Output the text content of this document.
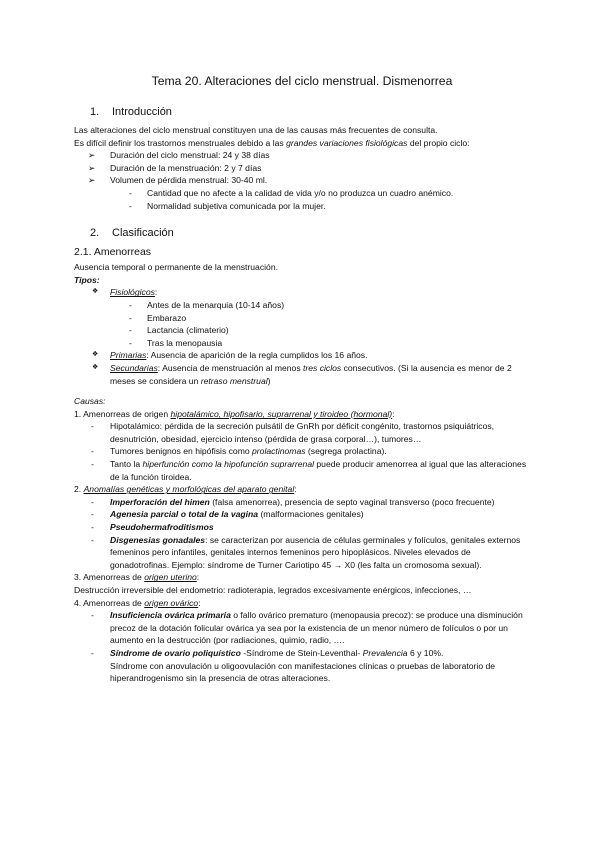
Tema 20. Alteraciones del ciclo menstrual. Dismenorrea
1. Introducción

Las alteraciones del ciclo menstrual constituyen una de las causas más frecuentes de consulta.

Es difícil definir los trastornos menstruales debido a las grandes variaciones fisiológicas del propio ciclo:

➢ Duración del ciclo menstrual: 24 y 38 días
➢ Duración de la menstruación: 2 y 7 días
➢ Volumen de pérdida menstrual: 30-40 ml.
- Cantidad que no afecte a la calidad de vida y/o no produzca un cuadro anémico.
- Normalidad subjetiva comunicada por la mujer.
2. Clasificación
2.1. Amenorreas

Ausencia temporal o permanente de la menstruación.

Tipos:

❖ Fisiológicos:
- Antes de la menarquia (10-14 años)
- Embarazo
- Lactancia (climaterio)
- Tras la menopausia
❖ Primarias: Ausencia de aparición de la regla cumplidos los 16 años.
❖ Secundarias: Ausencia de menstruación al menos tres ciclos consecutivos. (Si la ausencia es menor de 2 meses se considera un retraso menstrual)

Causas:

1. Amenorreas de origen hipotalámico, hipofisario, suprarrenal y tiroideo (hormonal):

- Hipotalámico: pérdida de la secreción pulsátil de GnRh por déficit congénito, trastornos psiquiátricos, desnutrición, obesidad, ejercicio intenso (pérdida de grasa corporal…), tumores…
- Tumores benignos en hipófisis como prolactinomas (segrega prolactina).
- Tanto la hiperfunción como la hipofunción suprarrenal puede producir amenorrea al igual que las alteraciones de la función tiroidea.

2. Anomalías genéticas y morfológicas del aparato genital:

- Imperforación del himen (falsa amenorrea), presencia de septo vaginal transverso (poco frecuente)
- Agenesia parcial o total de la vagina (malformaciones genitales)
- Pseudohermafroditismos
- Disgenesias gonadales: se caracterizan por ausencia de células germinales y folículos, genitales externos femeninos pero infantiles, genitales internos femeninos pero hipoplásicos. Niveles elevados de gonadotrofinas. Ejemplo: síndrome de Turner Cariotipo 45 → X0 (les falta un cromosoma sexual).

3. Amenorreas de origen uterino:

Destrucción irreversible del endometrio: radioterapia, legrados excesivamente enérgicos, infecciones, …

4. Amenorreas de origen ovárico:

- Insuficiencia ovárica primaria o fallo ovárico prematuro (menopausia precoz): se produce una disminución precoz de la dotación folicular ovárica ya sea por la existencia de un menor número de folículos o por un aumento en la destrucción (por radiaciones, quimio, radio, ….
- Síndrome de ovario poliquístico -Síndrome de Stein-Leventhal- Prevalencia 6 y 10%.
Síndrome con anovulación u oligoovulación con manifestaciones clínicas o pruebas de laboratorio de hiperandrogenismo sin la presencia de otras alteraciones.
